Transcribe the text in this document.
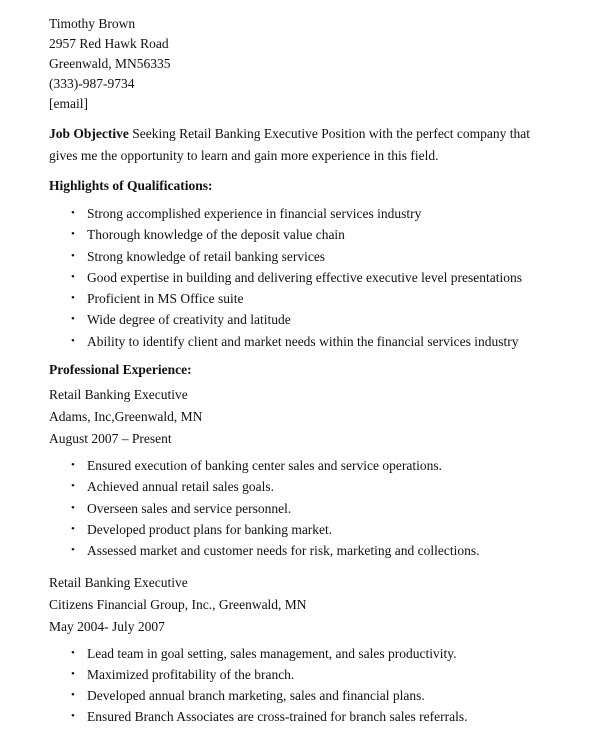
Timothy Brown
2957 Red Hawk Road
Greenwald, MN56335
(333)-987-9734
[email]
Job Objective Seeking Retail Banking Executive Position with the perfect company that gives me the opportunity to learn and gain more experience in this field.
Highlights of Qualifications:
• Strong accomplished experience in financial services industry
• Thorough knowledge of the deposit value chain
• Strong knowledge of retail banking services
• Good expertise in building and delivering effective executive level presentations
• Proficient in MS Office suite
• Wide degree of creativity and latitude
• Ability to identify client and market needs within the financial services industry
Professional Experience:
Retail Banking Executive
Adams, Inc,Greenwald, MN
August 2007 – Present
• Ensured execution of banking center sales and service operations.
• Achieved annual retail sales goals.
• Overseen sales and service personnel.
• Developed product plans for banking market.
• Assessed market and customer needs for risk, marketing and collections.
Retail Banking Executive
Citizens Financial Group, Inc., Greenwald, MN
May 2004- July 2007
• Lead team in goal setting, sales management, and sales productivity.
• Maximized profitability of the branch.
• Developed annual branch marketing, sales and financial plans.
• Ensured Branch Associates are cross-trained for branch sales referrals.
